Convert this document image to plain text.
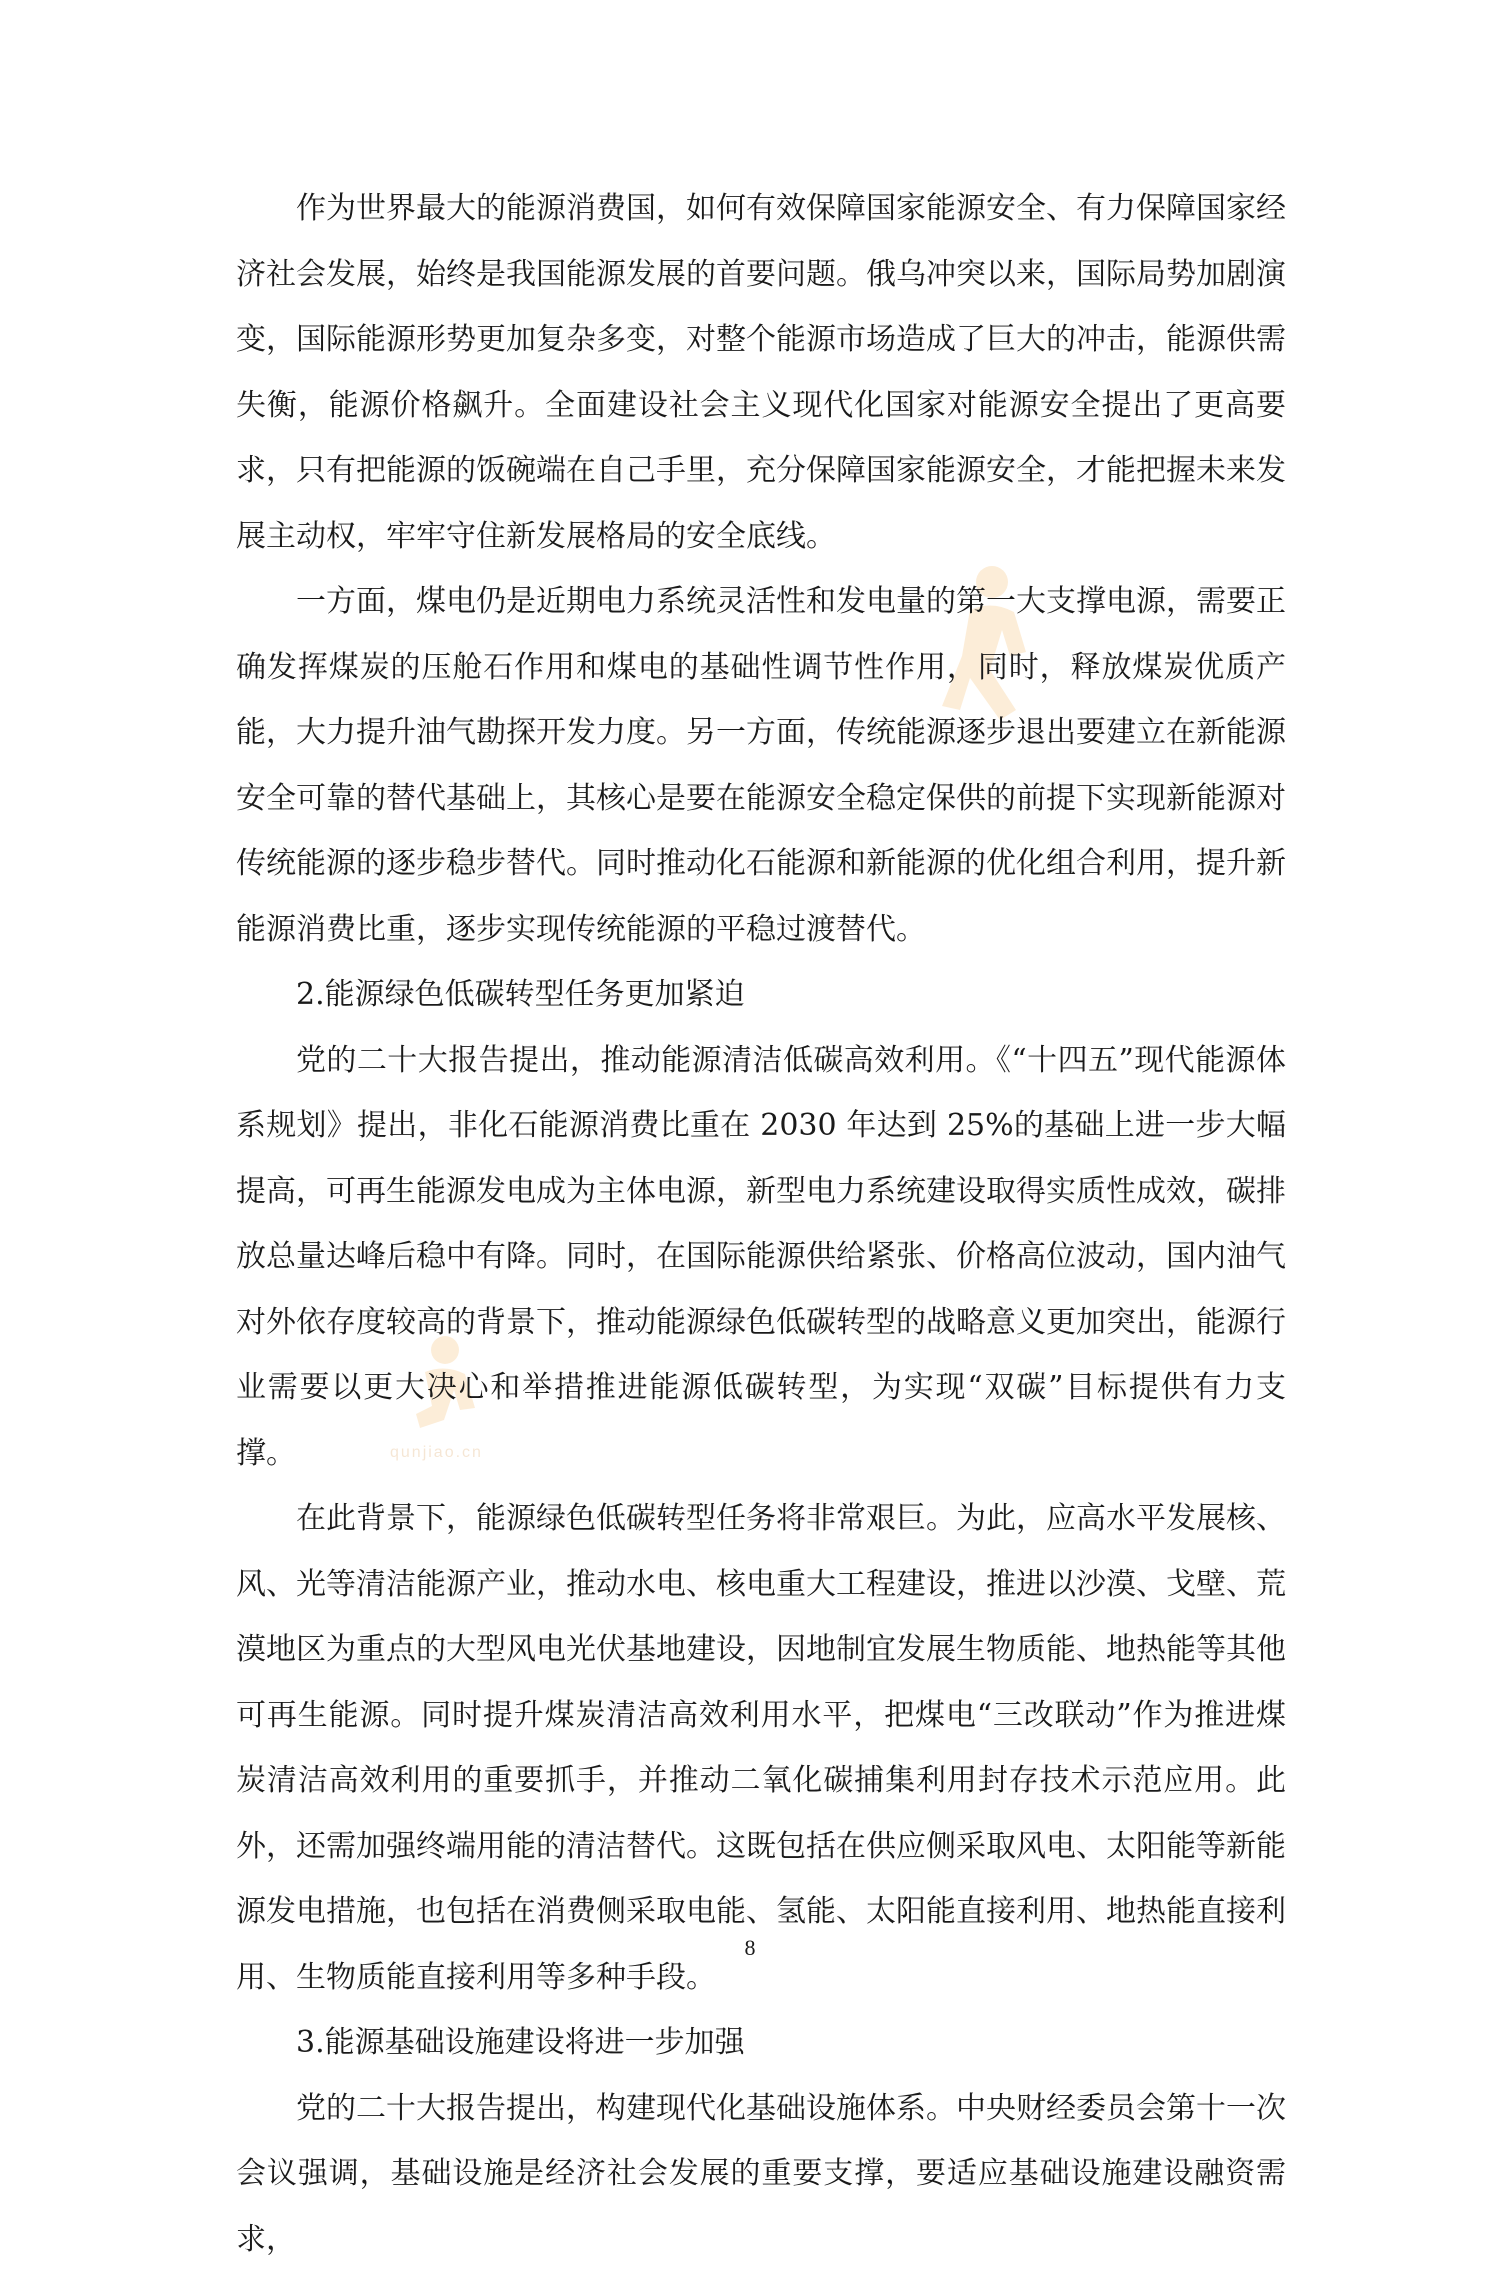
qunjiao.cn

作为世界最大的能源消费国，如何有效保障国家能源安全、有力保障国家经济社会发展，始终是我国能源发展的首要问题。俄乌冲突以来，国际局势加剧演变，国际能源形势更加复杂多变，对整个能源市场造成了巨大的冲击，能源供需失衡，能源价格飙升。全面建设社会主义现代化国家对能源安全提出了更高要求，只有把能源的饭碗端在自己手里，充分保障国家能源安全，才能把握未来发展主动权，牢牢守住新发展格局的安全底线。

一方面，煤电仍是近期电力系统灵活性和发电量的第一大支撑电源，需要正确发挥煤炭的压舱石作用和煤电的基础性调节性作用，同时，释放煤炭优质产能，大力提升油气勘探开发力度。另一方面，传统能源逐步退出要建立在新能源安全可靠的替代基础上，其核心是要在能源安全稳定保供的前提下实现新能源对传统能源的逐步稳步替代。同时推动化石能源和新能源的优化组合利用，提升新能源消费比重，逐步实现传统能源的平稳过渡替代。

2.能源绿色低碳转型任务更加紧迫

党的二十大报告提出，推动能源清洁低碳高效利用。《“十四五”现代能源体系规划》提出，非化石能源消费比重在 2030 年达到 25%的基础上进一步大幅提高，可再生能源发电成为主体电源，新型电力系统建设取得实质性成效，碳排放总量达峰后稳中有降。同时，在国际能源供给紧张、价格高位波动，国内油气对外依存度较高的背景下，推动能源绿色低碳转型的战略意义更加突出，能源行业需要以更大决心和举措推进能源低碳转型，为实现“双碳”目标提供有力支撑。

在此背景下，能源绿色低碳转型任务将非常艰巨。为此，应高水平发展核、风、光等清洁能源产业，推动水电、核电重大工程建设，推进以沙漠、戈壁、荒漠地区为重点的大型风电光伏基地建设，因地制宜发展生物质能、地热能等其他可再生能源。同时提升煤炭清洁高效利用水平，把煤电“三改联动”作为推进煤炭清洁高效利用的重要抓手，并推动二氧化碳捕集利用封存技术示范应用。此外，还需加强终端用能的清洁替代。这既包括在供应侧采取风电、太阳能等新能源发电措施，也包括在消费侧采取电能、氢能、太阳能直接利用、地热能直接利用、生物质能直接利用等多种手段。

3.能源基础设施建设将进一步加强

党的二十大报告提出，构建现代化基础设施体系。中央财经委员会第十一次会议强调，基础设施是经济社会发展的重要支撑，要适应基础设施建设融资需求，

8
